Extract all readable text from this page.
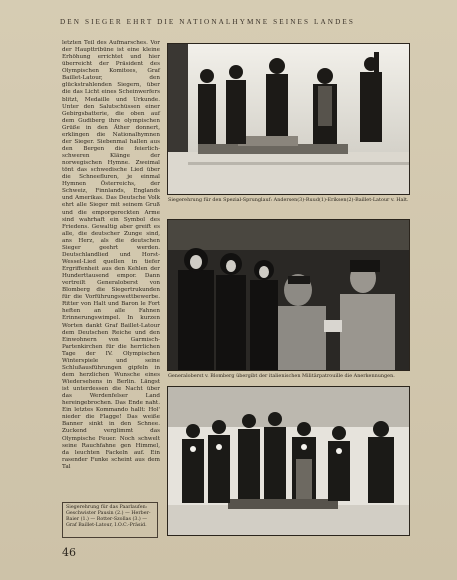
DEN SIEGER EHRT DIE NATIONALHYMNE SEINES LANDES

letzten Teil des Aufmarsches. Vor der Haupttribüne ist eine kleine Erhöhung errichtet und hier überreicht der Präsident des Olympischen Komitees, Graf Baillet-Latour, den glückstrahlenden Siegern, über die das Licht eines Scheinwerfers blitzt, Medaille und Urkunde. Unter den Salutschüssen einer Gebirgsbatterie, die oben auf dem Gudiberg ihre olympischen Grüße in den Äther donnert, erklingen die Nationalhymnen der Sieger. Siebenmal hallen aus den Bergen die feierlich-schweren Klänge der norwegischen Hymne. Zweimal tönt das schwedische Lied über die Schneefluren, je einmal Hymnen Österreichs, der Schweiz, Finnlands, Englands und Amerikas. Das Deutsche Volk ehrt alle Sieger mit seinem Gruß und die emporgereckten Arme sind wahrhaft ein Symbol des Friedens. Gewaltig aber greift es alle, die deutscher Zunge sind, ans Herz, als die deutschen Sieger geehrt werden. Deutschlandlied und Horst-Wessel-Lied quellen in tiefer Ergriffenheit aus den Kehlen der Hunderttausend empor. Dann vertreilt Generaloberst von Blomberg die Siegertrukunden für die Vorführungswettbewerbe. Ritter von Halt und Baron le Fort heften an alle Fahnen Erinnerungswimpel. In kurzen Worten dankt Graf Baillet-Latour dem Deutschen Reiche und den Einwohnern von Garmisch-Partenkirchen für die herrlichen Tage der IV. Olympischen Winterspiele und seine Schlußausführungen gipfeln in dem herzlichen Wunsche eines Wiedersehens in Berlin. Längst ist unterdessen die Nacht über das Werdenfelser Land hereingebrochen. Das Ende naht. Ein letztes Kommando hallt: Hol' nieder die Flagge! Das weiße Banner sinkt in den Schnee. Zuckend verglimmt das Olympische Feuer. Noch schwelt seine Rauchfahne gen Himmel, da leuchten Fackeln auf. Ein rasender Funke scheint aus dem Tal

Siegerehrung für den Spezial-Sprunglauf: Andersen(3)-Ruud(1)-Eriksen(2)-Baillet-Latour v. Halt.
Generaloberst v. Blomberg übergibt der italienischen Militärpatrouille die Anerkennungen.
Siegerehrung für das Paarlaufen: Geschwister Pausin (2.) — Herber-Baier (1.) — Rotter-Szollas (3.) — Graf Baillet-Latour, I.O.C.-Präsid.
46
